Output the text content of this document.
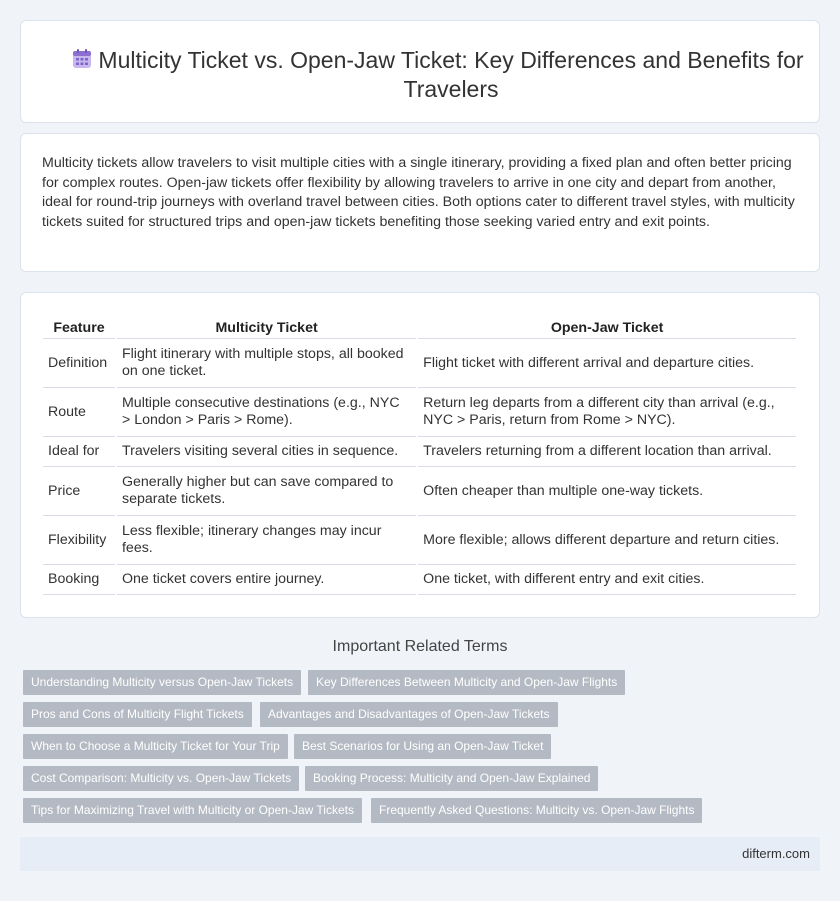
Multicity Ticket vs. Open-Jaw Ticket: Key Differences and Benefits for Travelers

Multicity tickets allow travelers to visit multiple cities with a single itinerary, providing a fixed plan and often better pricing for complex routes. Open-jaw tickets offer flexibility by allowing travelers to arrive in one city and depart from another, ideal for round-trip journeys with overland travel between cities. Both options cater to different travel styles, with multicity tickets suited for structured trips and open-jaw tickets benefiting those seeking varied entry and exit points.

Feature	Multicity Ticket	Open-Jaw Ticket
Definition	Flight itinerary with multiple stops, all booked on one ticket.	Flight ticket with different arrival and departure cities.
Route	Multiple consecutive destinations (e.g., NYC > London > Paris > Rome).	Return leg departs from a different city than arrival (e.g., NYC > Paris, return from Rome > NYC).
Ideal for	Travelers visiting several cities in sequence.	Travelers returning from a different location than arrival.
Price	Generally higher but can save compared to separate tickets.	Often cheaper than multiple one-way tickets.
Flexibility	Less flexible; itinerary changes may incur fees.	More flexible; allows different departure and return cities.
Booking	One ticket covers entire journey.	One ticket, with different entry and exit cities.
Important Related Terms
Understanding Multicity versus Open-Jaw Tickets	Key Differences Between Multicity and Open-Jaw Flights
Pros and Cons of Multicity Flight Tickets	Advantages and Disadvantages of Open-Jaw Tickets
When to Choose a Multicity Ticket for Your Trip	Best Scenarios for Using an Open-Jaw Ticket
Cost Comparison: Multicity vs. Open-Jaw Tickets	Booking Process: Multicity and Open-Jaw Explained
Tips for Maximizing Travel with Multicity or Open-Jaw Tickets	Frequently Asked Questions: Multicity vs. Open-Jaw Flights
difterm.com
